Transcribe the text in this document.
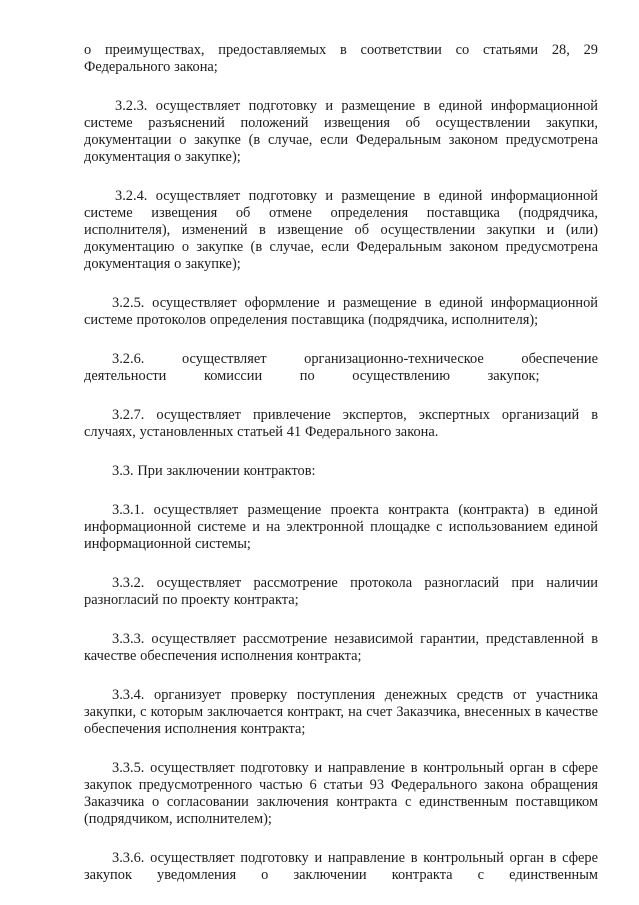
о преимуществах, предоставляемых в соответствии со статьями 28, 29 Федерального закона;

3.2.3. осуществляет подготовку и размещение в единой информационной системе разъяснений положений извещения об осуществлении закупки, документации о закупке (в случае, если Федеральным законом предусмотрена документация о закупке);

3.2.4. осуществляет подготовку и размещение в единой информационной системе извещения об отмене определения поставщика (подрядчика, исполнителя), изменений в извещение об осуществлении закупки и (или) документацию о закупке (в случае, если Федеральным законом предусмотрена документация о закупке);

3.2.5. осуществляет оформление и размещение в единой информационной системе протоколов определения поставщика (подрядчика, исполнителя);

3.2.6. осуществляет организационно-техническое обеспечение деятельности комиссии по осуществлению закупок;

3.2.7. осуществляет привлечение экспертов, экспертных организаций в случаях, установленных статьей 41 Федерального закона.

3.3. При заключении контрактов:

3.3.1. осуществляет размещение проекта контракта (контракта) в единой информационной системе и на электронной площадке с использованием единой информационной системы;

3.3.2. осуществляет рассмотрение протокола разногласий при наличии разногласий по проекту контракта;

3.3.3. осуществляет рассмотрение независимой гарантии, представленной в качестве обеспечения исполнения контракта;

3.3.4. организует проверку поступления денежных средств от участника закупки, с которым заключается контракт, на счет Заказчика, внесенных в качестве обеспечения исполнения контракта;

3.3.5. осуществляет подготовку и направление в контрольный орган в сфере закупок предусмотренного частью 6 статьи 93 Федерального закона обращения Заказчика о согласовании заключения контракта с единственным поставщиком (подрядчиком, исполнителем);

3.3.6. осуществляет подготовку и направление в контрольный орган в сфере закупок уведомления о заключении контракта с единственным
